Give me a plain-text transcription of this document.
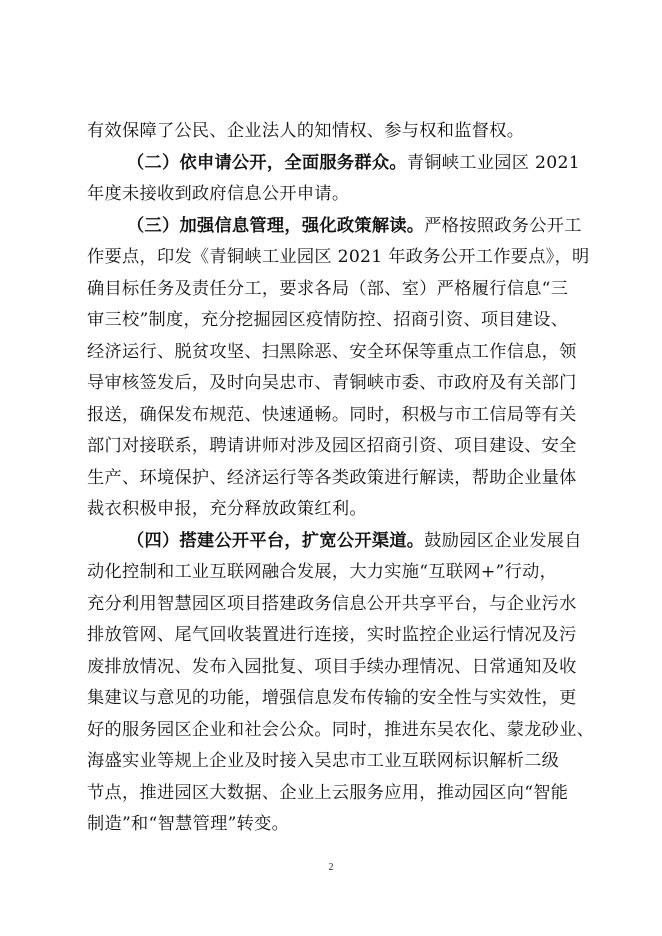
有效保障了公民、企业法人的知情权、参与权和监督权。
（二）依申请公开，全面服务群众。青铜峡工业园区 2021
年度未接收到政府信息公开申请。
（三）加强信息管理，强化政策解读。严格按照政务公开工
作要点，印发《青铜峡工业园区 2021 年政务公开工作要点》，明
确目标任务及责任分工，要求各局（部、室）严格履行信息“三
审三校”制度，充分挖掘园区疫情防控、招商引资、项目建设、
经济运行、脱贫攻坚、扫黑除恶、安全环保等重点工作信息，领
导审核签发后，及时向吴忠市、青铜峡市委、市政府及有关部门
报送，确保发布规范、快速通畅。同时，积极与市工信局等有关
部门对接联系，聘请讲师对涉及园区招商引资、项目建设、安全
生产、环境保护、经济运行等各类政策进行解读，帮助企业量体
裁衣积极申报，充分释放政策红利。
（四）搭建公开平台，扩宽公开渠道。鼓励园区企业发展自
动化控制和工业互联网融合发展，大力实施“互联网+”行动，
充分利用智慧园区项目搭建政务信息公开共享平台，与企业污水
排放管网、尾气回收装置进行连接，实时监控企业运行情况及污
废排放情况、发布入园批复、项目手续办理情况、日常通知及收
集建议与意见的功能，增强信息发布传输的安全性与实效性，更
好的服务园区企业和社会公众。同时，推进东吴农化、蒙龙砂业、
海盛实业等规上企业及时接入吴忠市工业互联网标识解析二级
节点，推进园区大数据、企业上云服务应用，推动园区向“智能
制造”和“智慧管理”转变。
2
